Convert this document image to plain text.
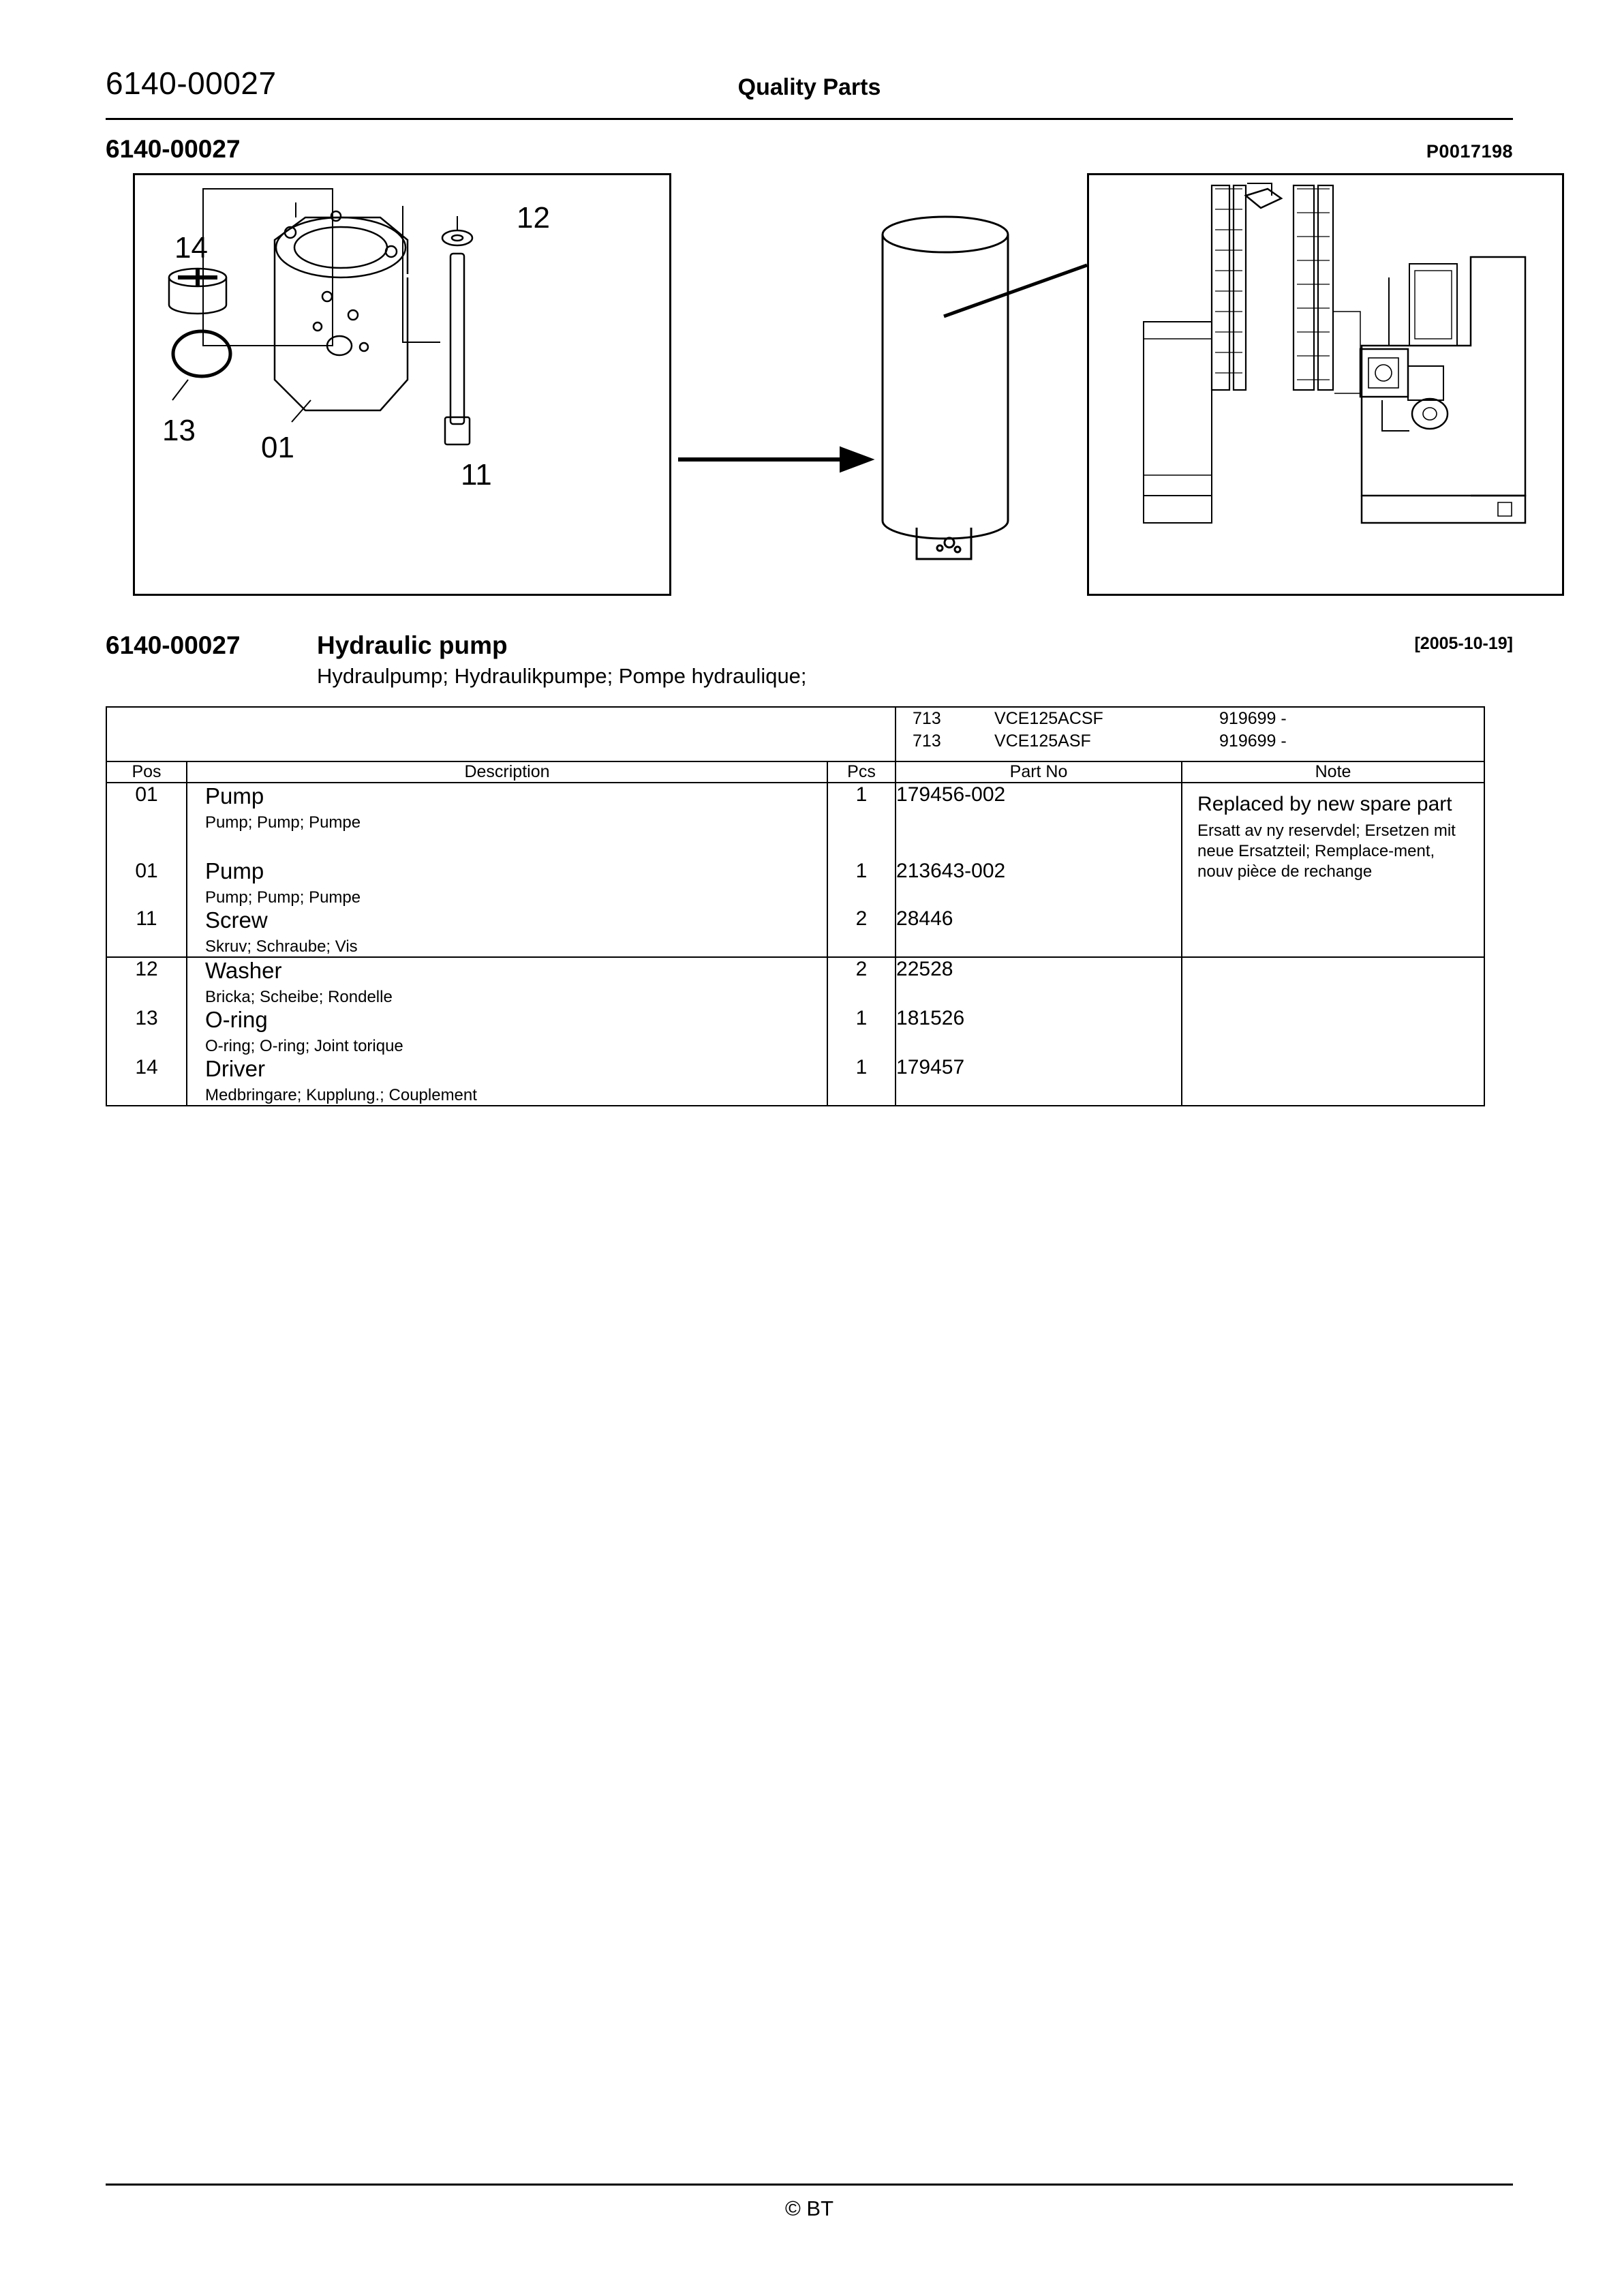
6140-00027	Quality Parts
6140-00027	P0017198
14
12
13
01
11
6140-00027	Hydraulic pump	[2005-10-19]
Hydraulpump; Hydraulikpumpe; Pompe hydraulique;

713	VCE125ACSF	919699 -
713	VCE125ASF	919699 -

Pos	Description	Pcs	Part No	Note
01	Pump
Pump; Pump; Pumpe
	1	179456-002	Replaced by new spare part
Ersatt av ny reservdel; Ersetzen mit neue Ersatzteil; Remplace-ment, nouv pièce de rechange

01	Pump
Pump; Pump; Pumpe	1	213643-002	
11	Screw
Skruv; Schraube; Vis	2	28446	
12	Washer
Bricka; Scheibe; Rondelle	2	22528	
13	O-ring
O-ring; O-ring; Joint torique	1	181526	
14	Driver
Medbringare; Kupplung.; Couplement	1	179457	
© BT
